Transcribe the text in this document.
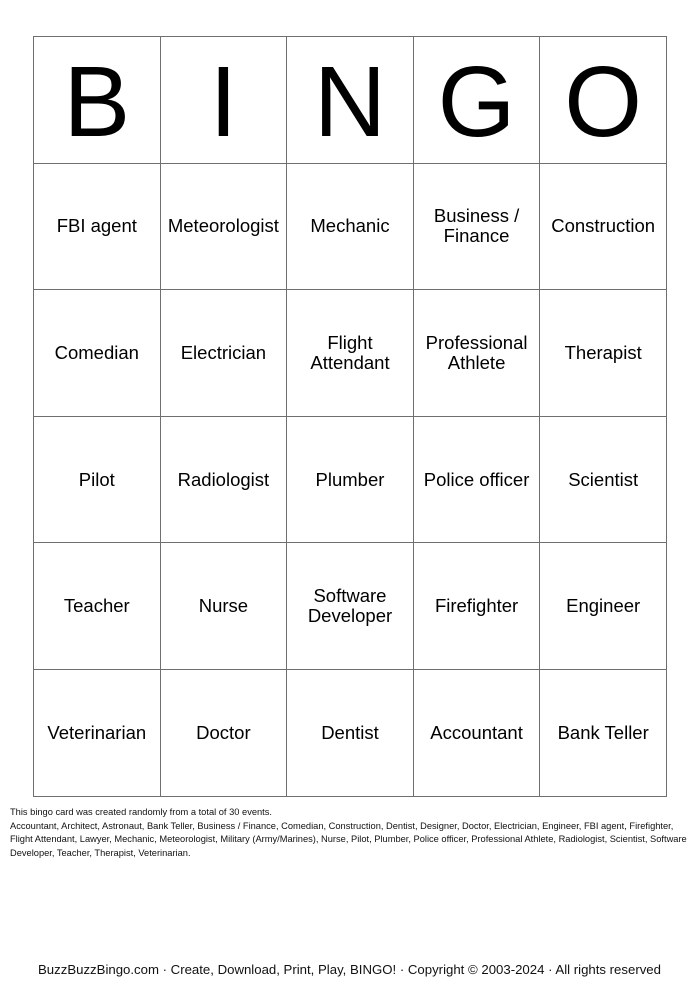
B	I	N	G	O
FBI agent	Meteorologist	Mechanic	Business / Finance	Construction
Comedian	Electrician	Flight Attendant	Professional Athlete	Therapist
Pilot	Radiologist	Plumber	Police officer	Scientist
Teacher	Nurse	Software Developer	Firefighter	Engineer
Veterinarian	Doctor	Dentist	Accountant	Bank Teller
This bingo card was created randomly from a total of 30 events.
Accountant, Architect, Astronaut, Bank Teller, Business / Finance, Comedian, Construction, Dentist, Designer, Doctor, Electrician, Engineer, FBI agent, Firefighter, Flight Attendant, Lawyer, Mechanic, Meteorologist, Military (Army/Marines), Nurse, Pilot, Plumber, Police officer, Professional Athlete, Radiologist, Scientist, Software Developer, Teacher, Therapist, Veterinarian.
BuzzBuzzBingo.com · Create, Download, Print, Play, BINGO! · Copyright © 2003-2024 · All rights reserved
